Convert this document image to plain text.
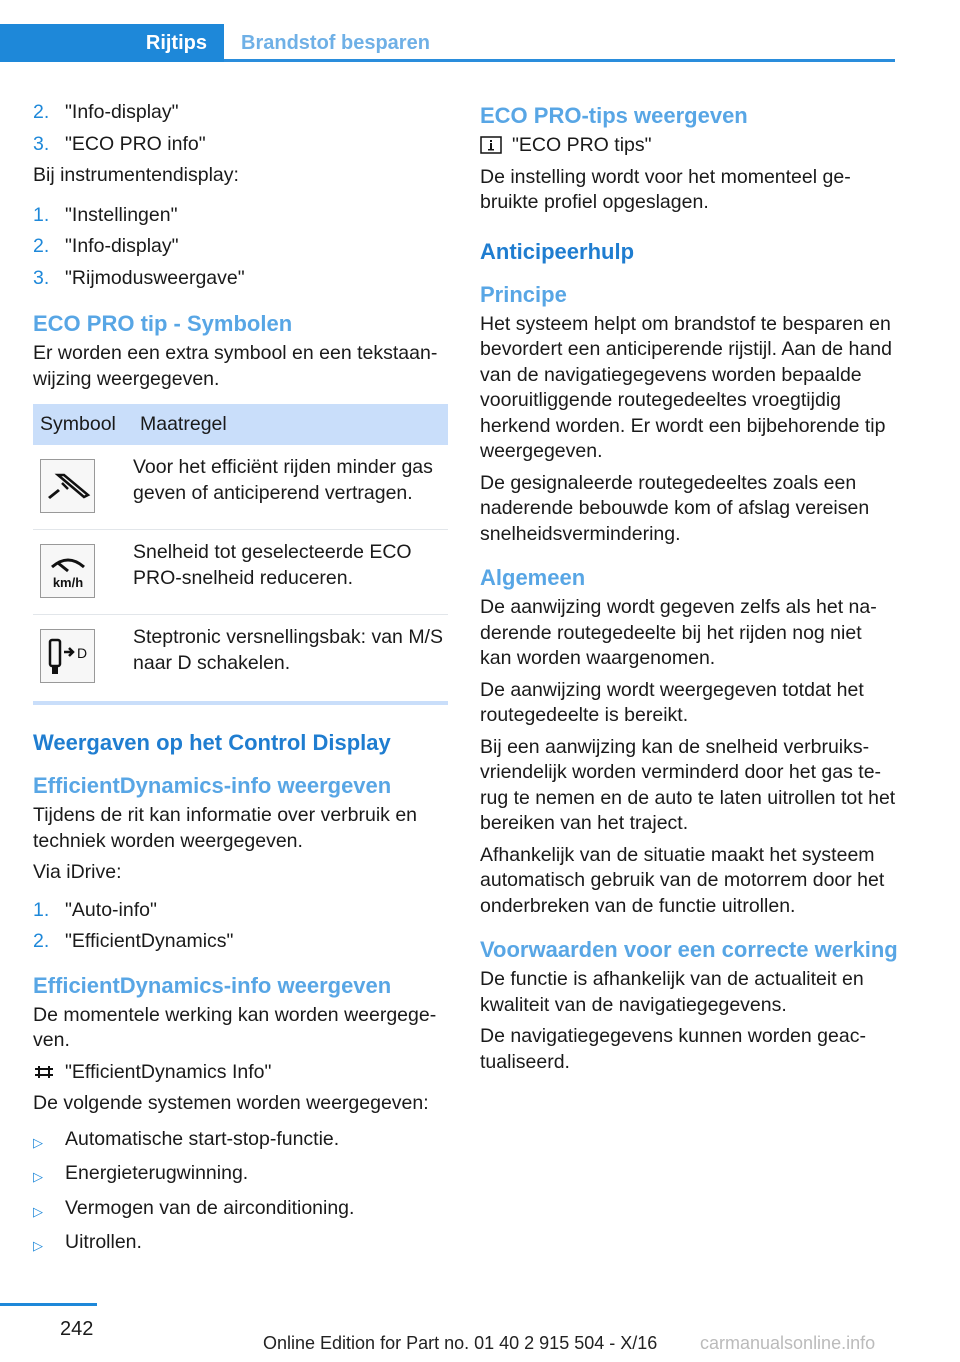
Rijtips	Brandstof besparen
2. "Info-display"
3. "ECO PRO info"

Bij instrumentendisplay:

1. "Instellingen"
2. "Info-display"
3. "Rijmodusweergave"
ECO PRO tip - Symbolen

Er worden een extra symbool en een tekstaanwijzing weergegeven.

Symbool	Maatregel

	Voor het efficiënt rijden minder gas geven of anticiperend vertragen.

km/h	Snelheid tot geselecteerde ECO PRO-snelheid reduceren.

D	Steptronic versnellingsbak: van M/S naar D schakelen.
Weergaven op het Control Display
EfficientDynamics-info weergeven

Tijdens de rit kan informatie over verbruik en techniek worden weergegeven.

Via iDrive:

1. "Auto-info"
2. "EfficientDynamics"
EfficientDynamics-info weergeven

De momentele werking kan worden weergegeven.

"EfficientDynamics Info"

De volgende systemen worden weergegeven:

▷	Automatische start-stop-functie.
▷	Energieterugwinning.
▷	Vermogen van de airconditioning.
▷	Uitrollen.
ECO PRO-tips weergeven

"ECO PRO tips"

De instelling wordt voor het momenteel gebruikte profiel opgeslagen.

Anticipeerhulp
Principe

Het systeem helpt om brandstof te besparen en bevordert een anticiperende rijstijl. Aan de hand van de navigatiegegevens worden bepaalde vooruitliggende routegedeeltes vroegtijdig herkend worden. Er wordt een bijbehorende tip weergegeven.

De gesignaleerde routegedeeltes zoals een naderende bebouwde kom of afslag vereisen snelheidsvermindering.

Algemeen

De aanwijzing wordt gegeven zelfs als het naderende routegedeelte bij het rijden nog niet kan worden waargenomen.

De aanwijzing wordt weergegeven totdat het routegedeelte is bereikt.

Bij een aanwijzing kan de snelheid verbruiksvriendelijk worden verminderd door het gas terug te nemen en de auto te laten uitrollen tot het bereiken van het traject.

Afhankelijk van de situatie maakt het systeem automatisch gebruik van de motorrem door het onderbreken van de functie uitrollen.

Voorwaarden voor een correcte werking

De functie is afhankelijk van de actualiteit en kwaliteit van de navigatiegegevens.

De navigatiegegevens kunnen worden geactualiseerd.

242
Online Edition for Part no. 01 40 2 915 504 - X/16 carmanualsonline.info
